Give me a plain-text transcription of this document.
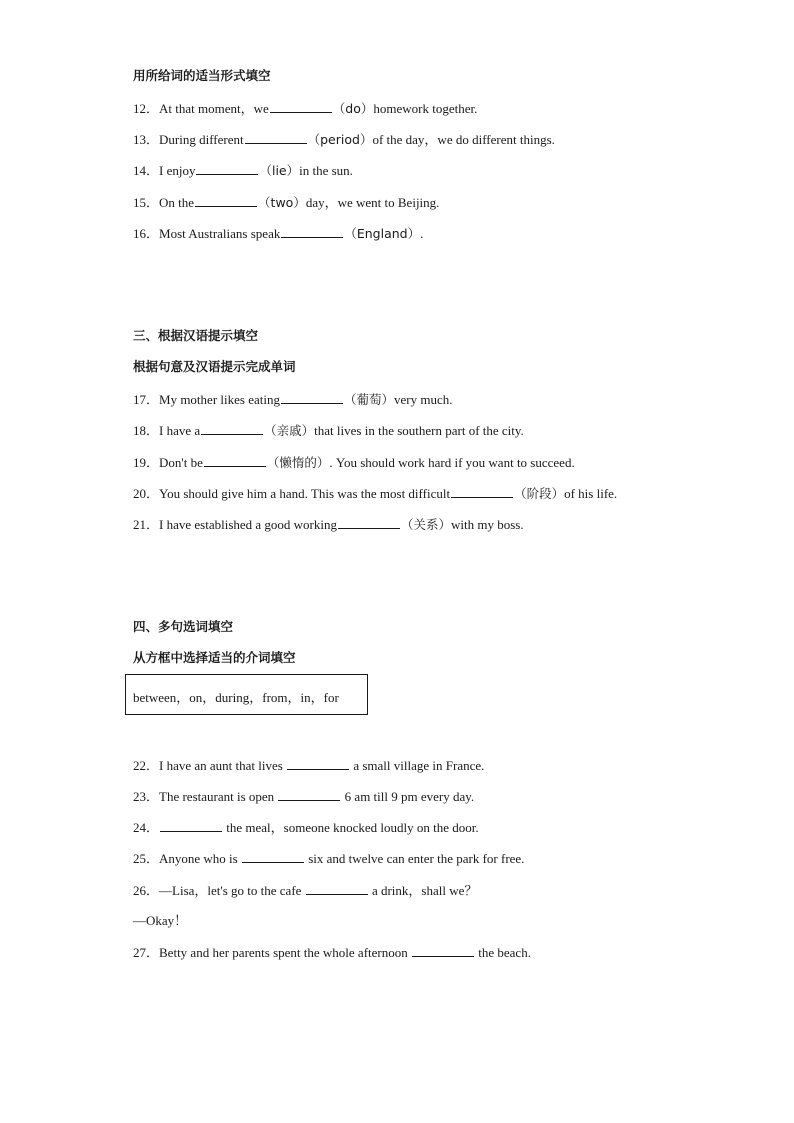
用所给词的适当形式填空
12．At that moment，we	（do）homework together.
13．During different	（period）of the day，we do different things.
14．I enjoy	（lie）in the sun.
15．On the	（two）day，we went to Beijing.
16．Most Australians speak	（England）.
三、根据汉语提示填空
根据句意及汉语提示完成单词
17．My mother likes eating	（葡萄）very much.
18．I have a	（亲戚）that lives in the southern part of the city.
19．Don't be	（懒惰的）. You should work hard if you want to succeed.
20．You should give him a hand. This was the most difficult	（阶段）of his life.
21．I have established a good working	（关系）with my boss.
四、多句选词填空
从方框中选择适当的介词填空
between，on，during，from，in，for
22．I have an aunt that lives	a small village in France.
23．The restaurant is open	6 am till 9 pm every day.
24．	the meal，someone knocked loudly on the door.
25．Anyone who is	six and twelve can enter the park for free.
26．—Lisa，let's go to the cafe	a drink，shall we？
—Okay！
27．Betty and her parents spent the whole afternoon	the beach.
